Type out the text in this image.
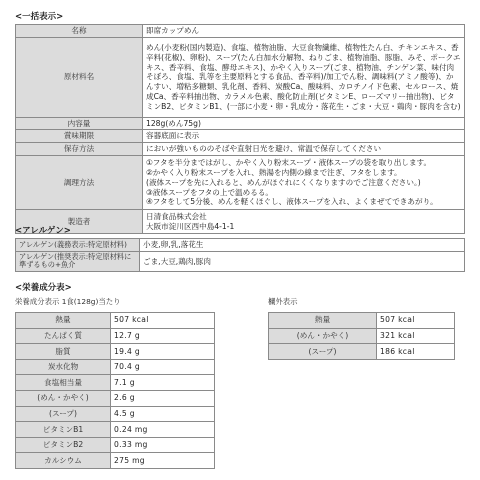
<一括表示>
名称	即席カップめん
原材料名	めん(小麦粉(国内製造)、食塩、植物油脂、大豆食物繊維、植物性たん白、チキンエキス、香辛料(花椒)、卵粉)、スープ(たん白加水分解物、ねりごま、植物油脂、豚脂、みそ、ポークエキス、香辛料、食塩、酵母エキス)、かやく入りスープ(ごま、植物油、チンゲン菜、味付肉そぼろ、食塩、乳等を主要原料とする食品、香辛料)/加工でん粉、調味料(アミノ酸等)、かんすい、増粘多糖類、乳化剤、香料、炭酸Ca、酸味料、カロチノイド色素、セルロース、焼成Ca、香辛料抽出物、カラメル色素、酸化防止剤(ビタミンE、ローズマリー抽出物)、ビタミンB2、ビタミンB1、(一部に小麦・卵・乳成分・落花生・ごま・大豆・鶏肉・豚肉を含む)
内容量	128g(めん75g)
賞味期限	容器底面に表示
保存方法	においが強いもののそばや直射日光を避け、常温で保存してください
調理方法	①フタを半分まではがし、かやく入り粉末スープ・液体スープの袋を取り出します。
②かやく入り粉末スープを入れ、熱湯を内側の線まで注ぎ、フタをします。
(液体スープを先に入れると、めんがほぐれにくくなりますのでご注意ください。)
③液体スープをフタの上で温めるる。
④フタをして5分後、めんを軽くほぐし、液体スープを入れ、よくまぜてできあがり。
製造者	日清食品株式会社
大阪市淀川区西中島4-1-1
<アレルゲン>
アレルゲン(義務表示:特定原材料)	小麦,卵,乳,落花生
アレルゲン(推奨表示:特定原材料に準ずるもの+魚介	ごま,大豆,鶏肉,豚肉
<栄養成分表>
栄養成分表示 1食(128g)当たり	欄外表示
熱量	507 kcal
たんぱく質	12.7 g
脂質	19.4 g
炭水化物	70.4 g
食塩相当量	7.1 g
(めん・かやく)	2.6 g
(スープ)	4.5 g
ビタミンB1	0.24 mg
ビタミンB2	0.33 mg
カルシウム	275 mg
熱量	507 kcal
(めん・かやく)	321 kcal
(スープ)	186 kcal
